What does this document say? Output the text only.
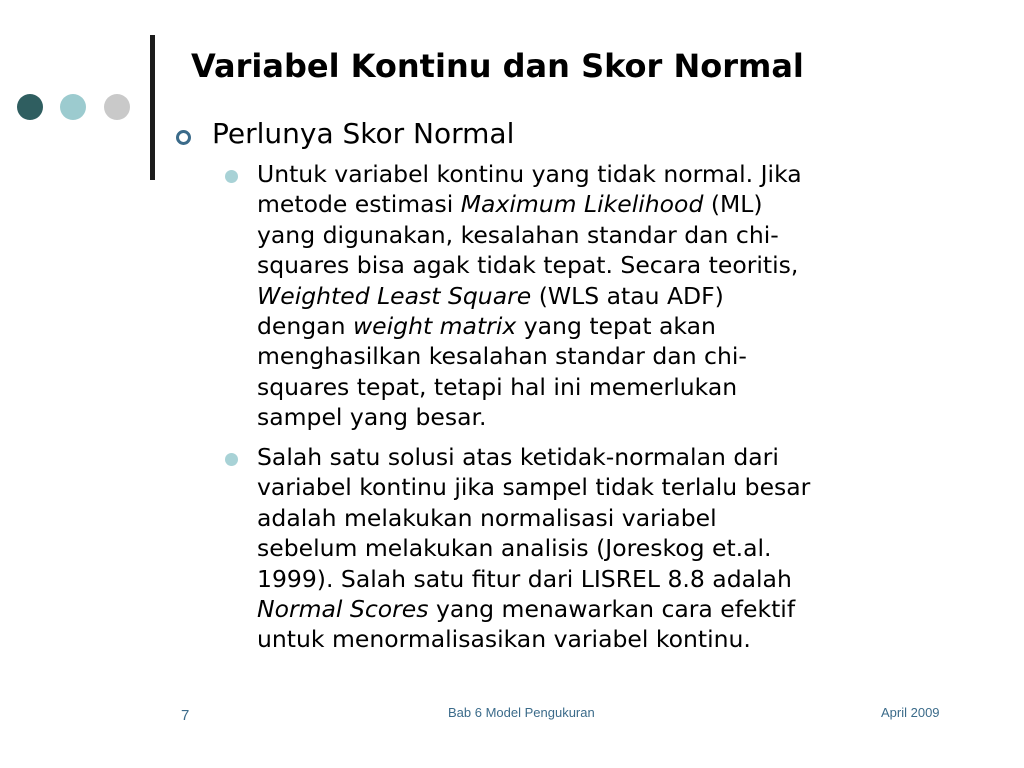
Variabel Kontinu dan Skor Normal
Perlunya Skor Normal
Untuk variabel kontinu yang tidak normal. Jika
metode estimasi Maximum Likelihood (ML)
yang digunakan, kesalahan standar dan chi-
squares bisa agak tidak tepat. Secara teoritis,
Weighted Least Square (WLS atau ADF)
dengan weight matrix yang tepat akan
menghasilkan kesalahan standar dan chi-
squares tepat, tetapi hal ini memerlukan
sampel yang besar.
Salah satu solusi atas ketidak-normalan dari
variabel kontinu jika sampel tidak terlalu besar
adalah melakukan normalisasi variabel
sebelum melakukan analisis (Joreskog et.al.
1999). Salah satu fitur dari LISREL 8.8 adalah
Normal Scores yang menawarkan cara efektif
untuk menormalisasikan variabel kontinu.
7	Bab 6 Model Pengukuran	April 2009
